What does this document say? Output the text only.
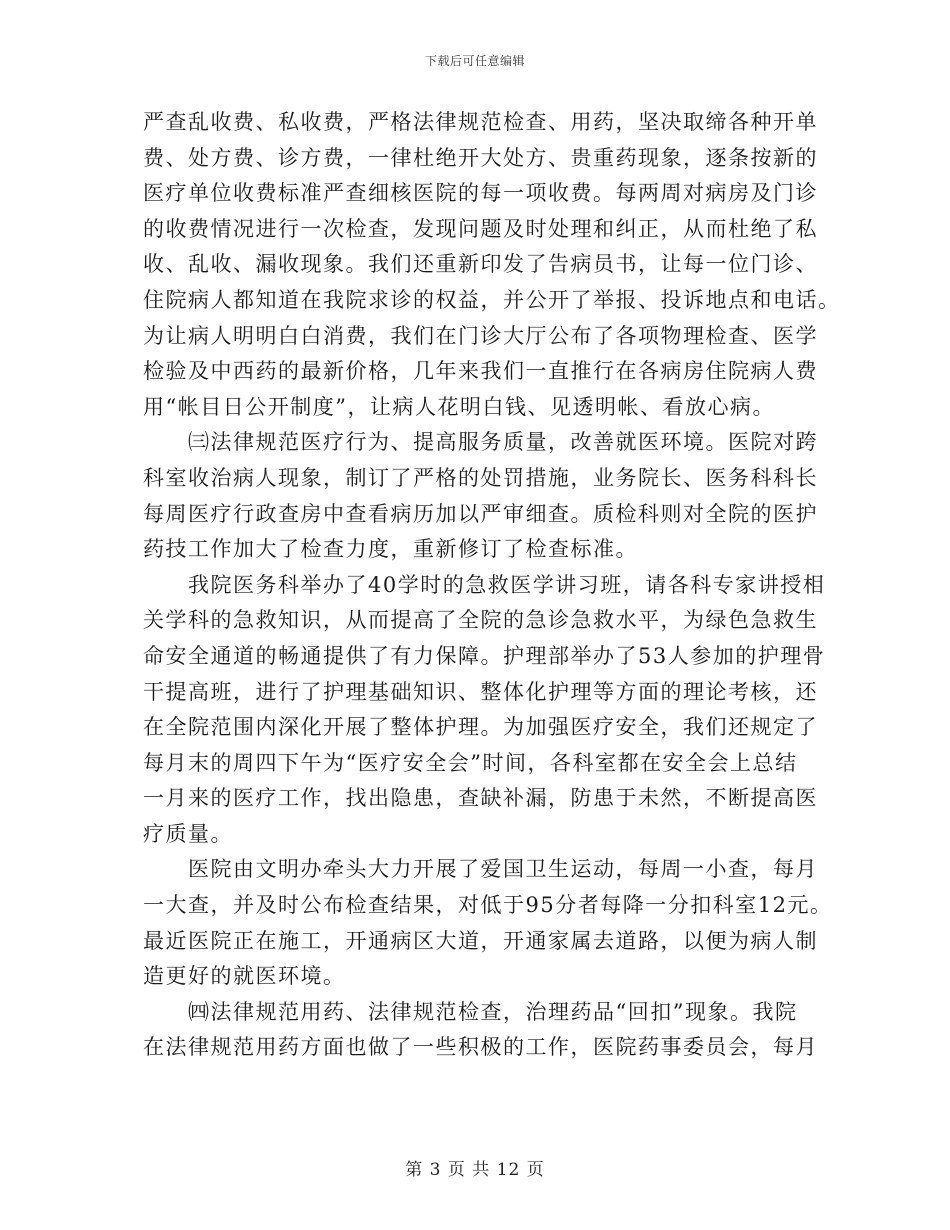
下载后可任意编辑

严查乱收费、私收费，严格法律规范检查、用药，坚决取缔各种开单
费、处方费、诊方费，一律杜绝开大处方、贵重药现象，逐条按新的
医疗单位收费标准严查细核医院的每一项收费。每两周对病房及门诊
的收费情况进行一次检查，发现问题及时处理和纠正，从而杜绝了私
收、乱收、漏收现象。我们还重新印发了告病员书，让每一位门诊、
住院病人都知道在我院求诊的权益，并公开了举报、投诉地点和电话。
为让病人明明白白消费，我们在门诊大厅公布了各项物理检查、医学
检验及中西药的最新价格，几年来我们一直推行在各病房住院病人费
用“帐目日公开制度”，让病人花明白钱、见透明帐、看放心病。
　　㈢法律规范医疗行为、提高服务质量，改善就医环境。医院对跨
科室收治病人现象，制订了严格的处罚措施，业务院长、医务科科长
每周医疗行政查房中查看病历加以严审细查。质检科则对全院的医护
药技工作加大了检查力度，重新修订了检查标准。
　　我院医务科举办了40学时的急救医学讲习班，请各科专家讲授相
关学科的急救知识，从而提高了全院的急诊急救水平，为绿色急救生
命安全通道的畅通提供了有力保障。护理部举办了53人参加的护理骨
干提高班，进行了护理基础知识、整体化护理等方面的理论考核，还
在全院范围内深化开展了整体护理。为加强医疗安全，我们还规定了
每月末的周四下午为“医疗安全会”时间，各科室都在安全会上总结
一月来的医疗工作，找出隐患，查缺补漏，防患于未然，不断提高医
疗质量。
　　医院由文明办牵头大力开展了爱国卫生运动，每周一小查，每月
一大查，并及时公布检查结果，对低于95分者每降一分扣科室12元。
最近医院正在施工，开通病区大道，开通家属去道路，以便为病人制
造更好的就医环境。
　　㈣法律规范用药、法律规范检查，治理药品“回扣”现象。我院
在法律规范用药方面也做了一些积极的工作，医院药事委员会，每月

第 3 页 共 12 页
